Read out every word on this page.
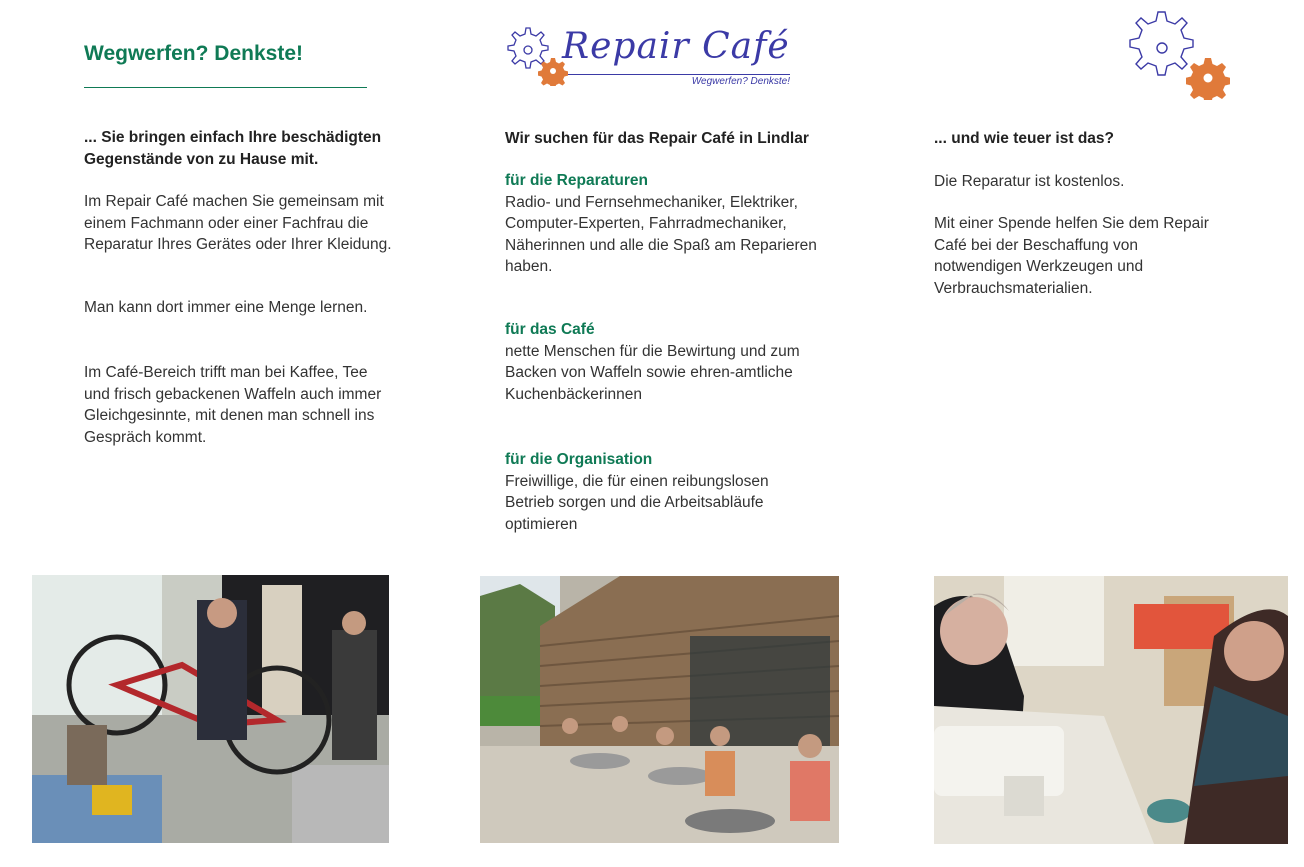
Wegwerfen? Denkste!	Repair Café
Wegwerfen? Denkste!
... Sie bringen einfach Ihre beschädigten Gegenstände von zu Hause mit.
Im Repair Café machen Sie gemeinsam mit einem Fachmann oder einer Fachfrau die Reparatur Ihres Gerätes oder Ihrer Kleidung.
Man kann dort immer eine Menge lernen.
Im Café-Bereich trifft man bei Kaffee, Tee und frisch gebackenen Waffeln auch immer Gleichgesinnte, mit denen man schnell ins Gespräch kommt.
Wir suchen für das Repair Café in Lindlar
für die Reparaturen
Radio- und Fernsehmechaniker, Elektriker, Computer-Experten, Fahrradmechaniker, Näherinnen und alle die Spaß am Reparieren haben.
für das Café
nette Menschen für die Bewirtung und zum Backen von Waffeln sowie ehren-amtliche Kuchenbäckerinnen
für die Organisation
Freiwillige, die für einen reibungslosen Betrieb sorgen und die Arbeitsabläufe optimieren
... und wie teuer ist das?
Die Reparatur ist kostenlos.
Mit einer Spende helfen Sie dem Repair Café bei der Beschaffung von notwendigen Werkzeugen und Verbrauchsmaterialien.
